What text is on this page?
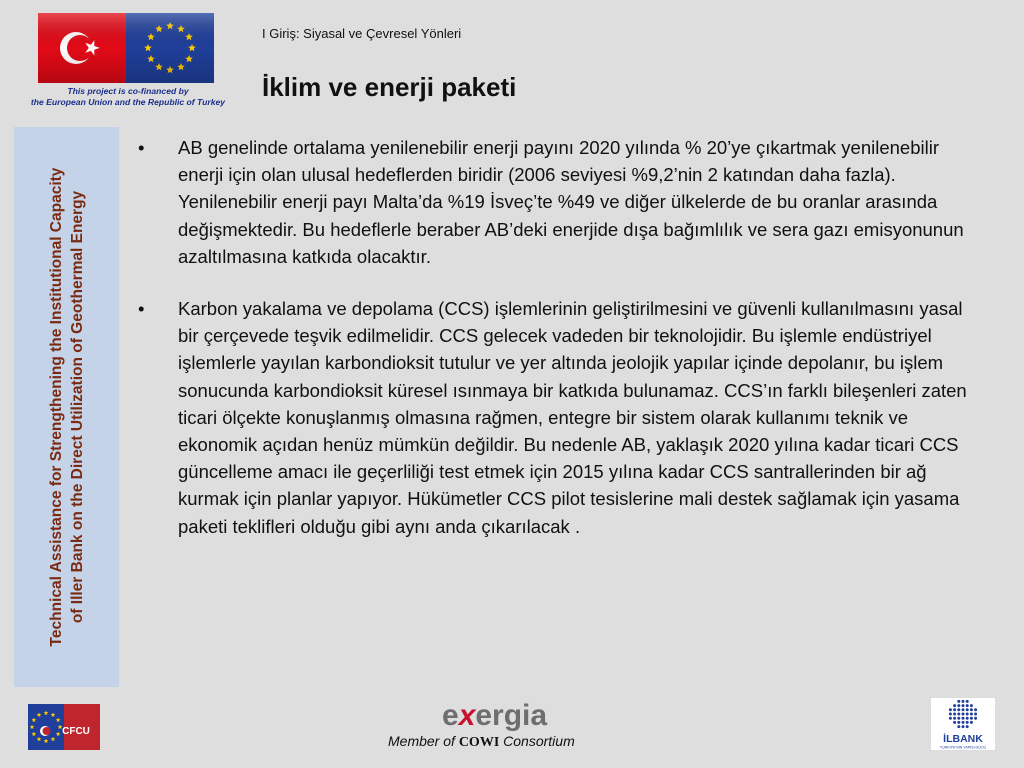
This project is co-financed by
the European Union and the Republic of Turkey
I Giriş: Siyasal ve Çevresel Yönleri
İklim ve enerji paketi
Technical Assistance for Strengthening the Institutional Capacity of Iller Bank on the Direct Utilization of Geothermal Energy
•	AB genelinde ortalama yenilenebilir enerji payını 2020 yılında % 20’ye çıkartmak yenilenebilir enerji için olan ulusal hedeflerden biridir (2006 seviyesi %9,2’nin 2 katından daha fazla). Yenilenebilir enerji payı Malta’da %19 İsveç’te %49 ve diğer ülkelerde de bu oranlar arasında değişmektedir. Bu hedeflerle beraber AB’deki enerjide dışa bağımlılık ve sera gazı emisyonunun azaltılmasına katkıda olacaktır.
•	Karbon yakalama ve depolama (CCS) işlemlerinin geliştirilmesini ve güvenli kullanılmasını yasal bir çerçevede teşvik edilmelidir. CCS gelecek vadeden bir teknolojidir. Bu işlemle endüstriyel işlemlerle yayılan karbondioksit tutulur ve yer altında jeolojik yapılar içinde depolanır, bu işlem sonucunda karbondioksit küresel ısınmaya bir katkıda bulunamaz. CCS’ın farklı bileşenleri zaten ticari ölçekte konuşlanmış olmasına rağmen, entegre bir sistem olarak kullanımı teknik ve ekonomik açıdan henüz mümkün değildir. Bu nedenle AB, yaklaşık 2020 yılına kadar ticari CCS güncelleme amacı ile geçerliliği test etmek için 2015 yılına kadar CCS santrallerinden bir ağ kurmak için planlar yapıyor. Hükümetler CCS pilot tesislerine mali destek sağlamak için yasama paketi teklifleri olduğu gibi aynı anda çıkarılacak .
CFCU	exergia
Member of COWI Consortium	İLBANK
TÜRKİYE'NİN YAPISI GÜCÜ
